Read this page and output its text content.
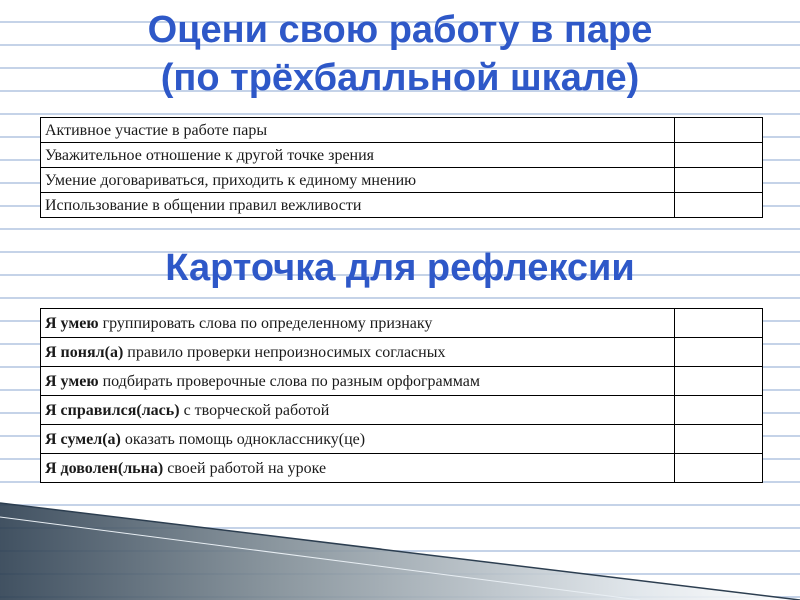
Оцени свою работу в паре
(по трёхбалльной шкале)
Активное участие в работе пары	
Уважительное отношение к другой точке зрения	
Умение договариваться, приходить к единому мнению	
Использование в общении правил вежливости	
Карточка для рефлексии
Я умею группировать слова по определенному признаку	
Я понял(а) правило проверки непроизносимых согласных	
Я умею подбирать проверочные слова по разным орфограммам	
Я справился(лась) с творческой работой	
Я сумел(а) оказать помощь однокласснику(це)	
Я доволен(льна) своей работой на уроке	
